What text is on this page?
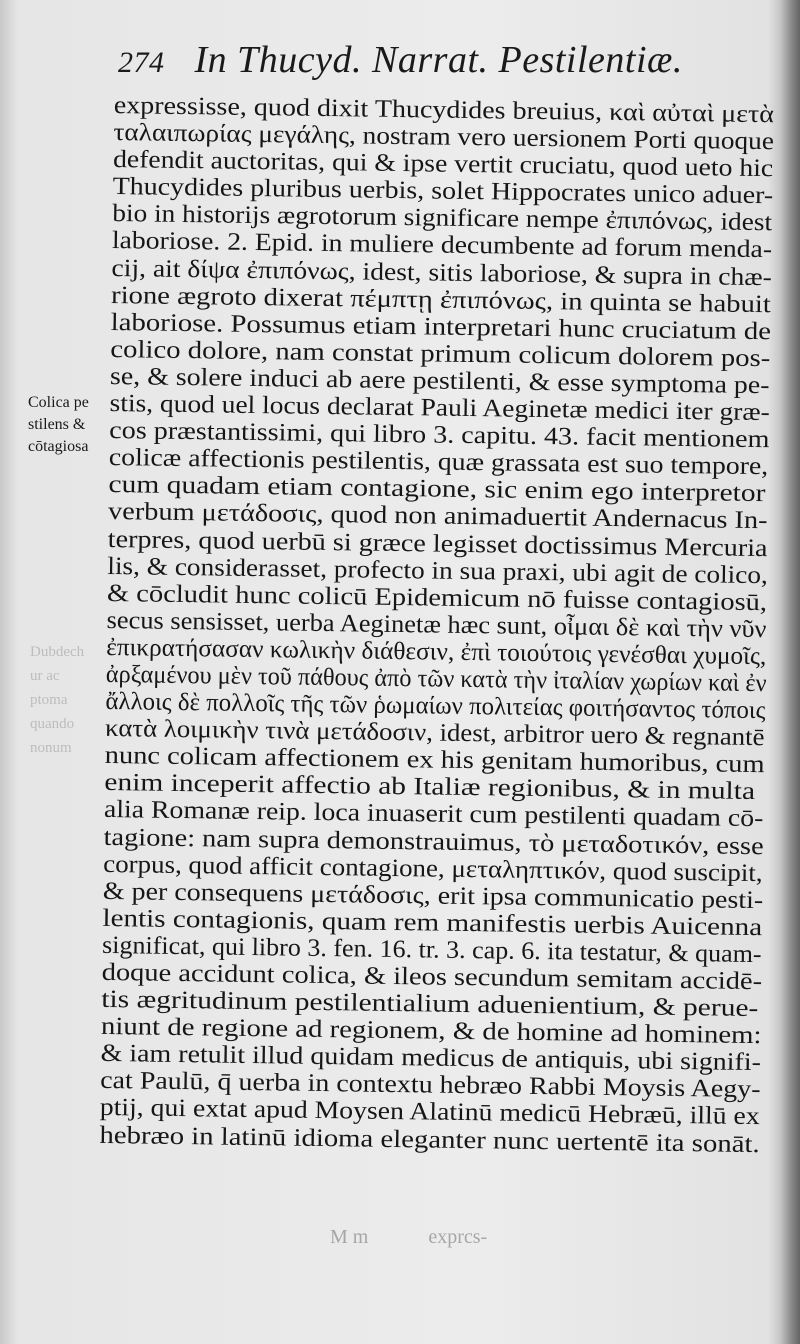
274 In Thucyd. Narrat. Pestilentiæ.
Colica pe
stilens &
cōtagiosa
Dubdech
ur ac
ptoma
quando
nonum
expressisse, quod dixit Thucydides breuius, καὶ αὐταὶ μετὰ
ταλαιπωρίας μεγάλης, nostram vero uersionem Porti quoque
defendit auctoritas, qui & ipse vertit cruciatu, quod ueto hic
Thucydides pluribus uerbis, solet Hippocrates unico aduer-
bio in historijs ægrotorum significare nempe ἐπιπόνως, idest
laboriose. 2. Epid. in muliere decumbente ad forum menda-
cij, ait δίψα ἐπιπόνως, idest, sitis laboriose, & supra in chæ-
rione ægroto dixerat πέμπτῃ ἐπιπόνως, in quinta se habuit
laboriose. Possumus etiam interpretari hunc cruciatum de
colico dolore, nam constat primum colicum dolorem pos-
se, & solere induci ab aere pestilenti, & esse symptoma pe-
stis, quod uel locus declarat Pauli Aeginetæ medici iter græ-
cos præstantissimi, qui libro 3. capitu. 43. facit mentionem
colicæ affectionis pestilentis, quæ grassata est suo tempore,
cum quadam etiam contagione, sic enim ego interpretor
verbum μετάδοσις, quod non animaduertit Andernacus In-
terpres, quod uerbū si græce legisset doctissimus Mercuria
lis, & considerasset, profecto in sua praxi, ubi agit de colico,
& cōcludit hunc colicū Epidemicum nō fuisse contagiosū,
secus sensisset, uerba Aeginetæ hæc sunt, οἶμαι δὲ καὶ τὴν νῦν
ἐπικρατήσασαν κωλικὴν διάθεσιν, ἐπὶ τοιούτοις γενέσθαι χυμοῖς,
ἀρξαμένου μὲν τοῦ πάθους ἀπὸ τῶν κατὰ τὴν ἰταλίαν χωρίων καὶ ἐν
ἄλλοις δὲ πολλοῖς τῆς τῶν ῥωμαίων πολιτείας φοιτήσαντος τόποις
κατὰ λοιμικὴν τινὰ μετάδοσιν, idest, arbitror uero & regnantē
nunc colicam affectionem ex his genitam humoribus, cum
enim inceperit affectio ab Italiæ regionibus, & in multa
alia Romanæ reip. loca inuaserit cum pestilenti quadam cō-
tagione: nam supra demonstrauimus, τὸ μεταδοτικόν, esse
corpus, quod afficit contagione, μεταληπτικόν, quod suscipit,
& per consequens μετάδοσις, erit ipsa communicatio pesti-
lentis contagionis, quam rem manifestis uerbis Auicenna
significat, qui libro 3. fen. 16. tr. 3. cap. 6. ita testatur, & quam-
doque accidunt colica, & ileos secundum semitam accidē-
tis ægritudinum pestilentialium aduenientium, & perue-
niunt de regione ad regionem, & de homine ad hominem:
& iam retulit illud quidam medicus de antiquis, ubi signifi-
cat Paulū, q̄ uerba in contextu hebræo Rabbi Moysis Aegy-
ptij, qui extat apud Moysen Alatinū medicū Hebræū, illū ex
hebræo in latinū idioma eleganter nunc uertentē ita sonāt.
M m	exprcs-
